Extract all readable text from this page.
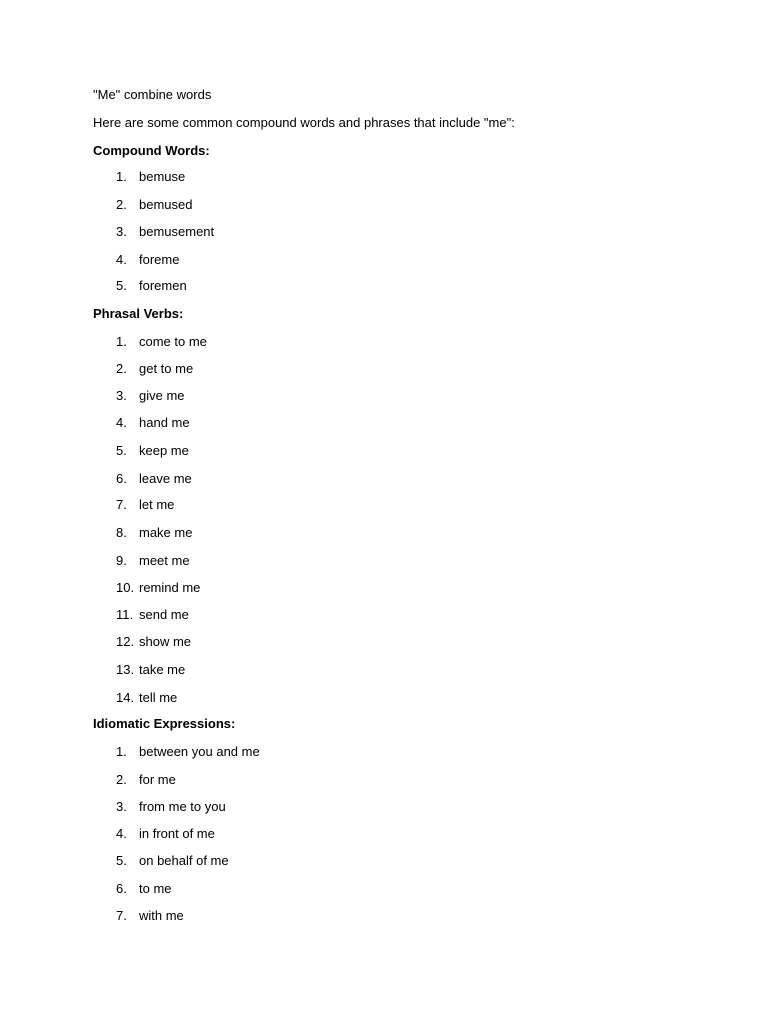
"Me" combine words
Here are some common compound words and phrases that include "me":
Compound Words:
1. bemuse
2. bemused
3. bemusement
4. foreme
5. foremen
Phrasal Verbs:
1. come to me
2. get to me
3. give me
4. hand me
5. keep me
6. leave me
7. let me
8. make me
9. meet me
10. remind me
11. send me
12. show me
13. take me
14. tell me
Idiomatic Expressions:
1. between you and me
2. for me
3. from me to you
4. in front of me
5. on behalf of me
6. to me
7. with me
